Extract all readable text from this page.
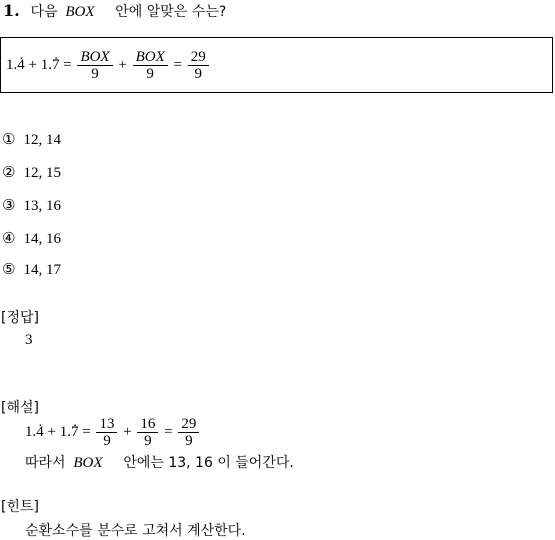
1. 다음 BOX 안에 알맞은 수는?
1.4 . + 1.7 . = $\frac{\text{BOX}}{9} + \frac{\text{BOX}}{9} = \frac{29}{9}$
① 12, 14
② 12, 15
③ 13, 16
④ 14, 16
⑤ 14, 17
[정답]
3
[해설]
1.4 . + 1.7 . = $\frac{13}{9} + \frac{16}{9} = \frac{29}{9}$
따라서 BOX 안에는 13, 16 이 들어간다.
[힌트]
순환소수를 분수로 고쳐서 계산한다.
